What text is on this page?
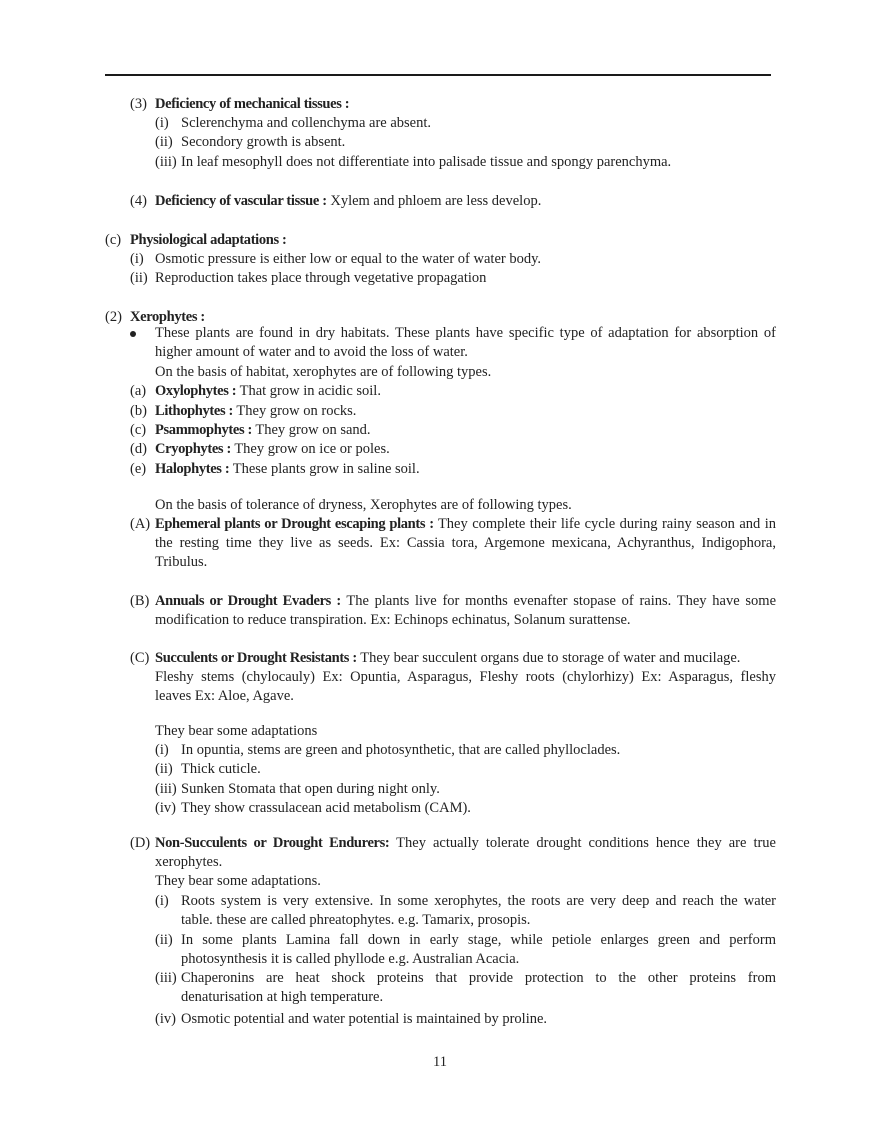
(3) Deficiency of mechanical tissues :
(i) Sclerenchyma and collenchyma are absent.
(ii) Secondory growth is absent.
(iii) In leaf mesophyll does not differentiate into palisade tissue and spongy parenchyma.
(4) Deficiency of vascular tissue : Xylem and phloem are less develop.
(c) Physiological adaptations :
(i) Osmotic pressure is either low or equal to the water of water body.
(ii) Reproduction takes place through vegetative propagation
(2) Xerophytes :
These plants are found in dry habitats. These plants have specific type of adaptation for absorption of
higher amount of water and to avoid the loss of water.
On the basis of habitat, xerophytes are of following types.
(a) Oxylophytes : That grow in acidic soil.
(b) Lithophytes : They grow on rocks.
(c) Psammophytes : They grow on sand.
(d) Cryophytes : They grow on ice or poles.
(e) Halophytes : These plants grow in saline soil.
On the basis of tolerance of dryness, Xerophytes are of following types.
(A) Ephemeral plants or Drought escaping plants : They complete their life cycle during rainy season and in
the resting time they live as seeds. Ex: Cassia tora, Argemone mexicana, Achyranthus, Indigophora,
Tribulus.
(B) Annuals or Drought Evaders : The plants live for months evenafter stopase of rains. They have some
modification to reduce transpiration. Ex: Echinops echinatus, Solanum surattense.
(C) Succulents or Drought Resistants : They bear succulent organs due to storage of water and mucilage.
Fleshy stems (chylocauly) Ex: Opuntia, Asparagus, Fleshy roots (chylorhizy) Ex: Asparagus, fleshy
leaves Ex: Aloe, Agave.
They bear some adaptations
(i) In opuntia, stems are green and photosynthetic, that are called phylloclades.
(ii) Thick cuticle.
(iii) Sunken Stomata that open during night only.
(iv) They show crassulacean acid metabolism (CAM).
(D) Non-Succulents or Drought Endurers: They actually tolerate drought conditions hence they are true
xerophytes.
They bear some adaptations.
(i) Roots system is very extensive. In some xerophytes, the roots are very deep and reach the water
table. these are called phreatophytes. e.g. Tamarix, prosopis.
(ii) In some plants Lamina fall down in early stage, while petiole enlarges green and perform
photosynthesis it is called phyllode e.g. Australian Acacia.
(iii) Chaperonins are heat shock proteins that provide protection to the other proteins from
denaturisation at high temperature.
(iv) Osmotic potential and water potential is maintained by proline.
11
